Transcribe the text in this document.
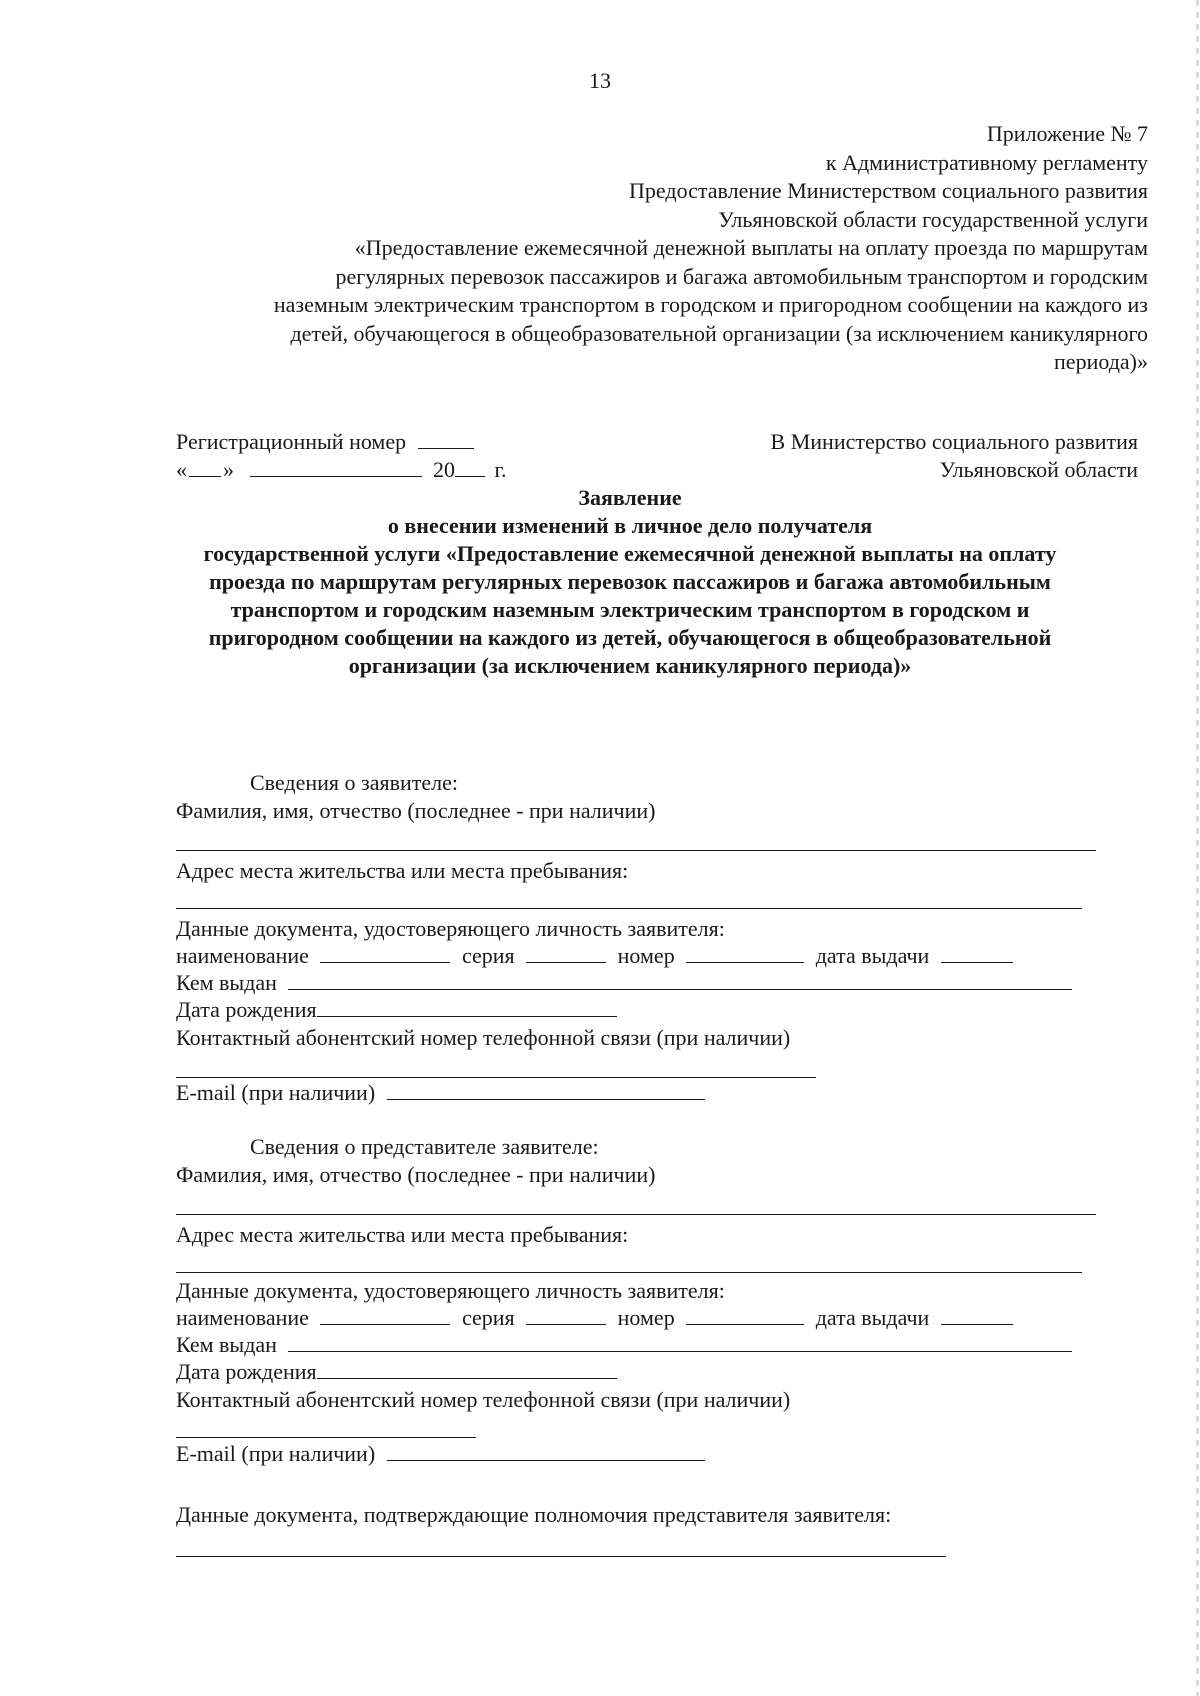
13
Приложение № 7
к Административному регламенту
Предоставление Министерством социального развития
Ульяновской области государственной услуги
«Предоставление ежемесячной денежной выплаты на оплату проезда по маршрутам
регулярных перевозок пассажиров и багажа автомобильным транспортом и городским
наземным электрическим транспортом в городском и пригородном сообщении на каждого из
детей, обучающегося в общеобразовательной организации (за исключением каникулярного
периода)»
Регистрационный номер
« »	20 г.
В Министерство социального развития
Ульяновской области
Заявление
о внесении изменений в личное дело получателя
государственной услуги «Предоставление ежемесячной денежной выплаты на оплату
проезда по маршрутам регулярных перевозок пассажиров и багажа автомобильным
транспортом и городским наземным электрическим транспортом в городском и
пригородном сообщении на каждого из детей, обучающегося в общеобразовательной
организации (за исключением каникулярного периода)»
Сведения о заявителе:
Фамилия, имя, отчество (последнее - при наличии)
Адрес места жительства или места пребывания:
Данные документа, удостоверяющего личность заявителя:
наименование	серия	номер	дата выдачи
Кем выдан
Дата рождения
Контактный абонентский номер телефонной связи (при наличии)
E-mail (при наличии)
Сведения о представителе заявителе:
Фамилия, имя, отчество (последнее - при наличии)
Адрес места жительства или места пребывания:
Данные документа, удостоверяющего личность заявителя:
наименование	серия	номер	дата выдачи
Кем выдан
Дата рождения
Контактный абонентский номер телефонной связи (при наличии)
E-mail (при наличии)
Данные документа, подтверждающие полномочия представителя заявителя:
